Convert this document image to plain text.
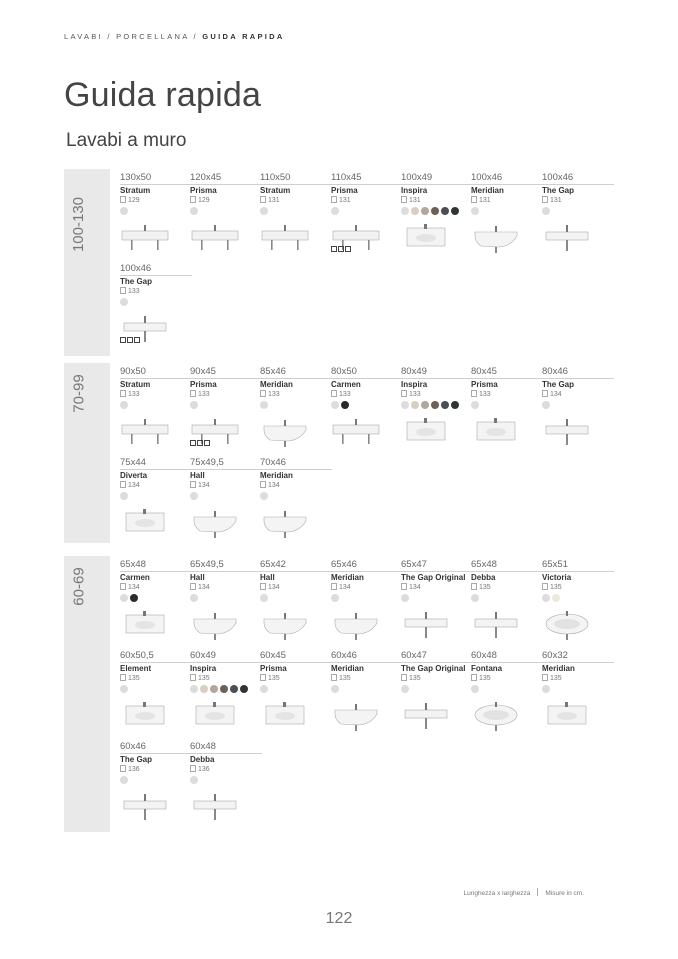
LAVABI / PORCELLANA / GUIDA RAPIDA
Guida rapida
Lavabi a muro
100-130
70-99
60-69
130x50
Stratum
129
120x45
Prisma
129
110x50
Stratum
131
110x45
Prisma
131
100x49
Inspira
131
100x46
Meridian
131
100x46
The Gap
131
100x46
The Gap
133
90x50
Stratum
133
90x45
Prisma
133
85x46
Meridian
133
80x50
Carmen
133
80x49
Inspira
133
80x45
Prisma
133
80x46
The Gap
134
75x44
Diverta
134
75x49,5
Hall
134
70x46
Meridian
134
65x48
Carmen
134
65x49,5
Hall
134
65x42
Hall
134
65x46
Meridian
134
65x47
The Gap Original
134
65x48
Debba
135
65x51
Victoria
135
60x50,5
Element
135
60x49
Inspira
135
60x45
Prisma
135
60x46
Meridian
135
60x47
The Gap Original
135
60x48
Fontana
135
60x32
Meridian
135
60x46
The Gap
136
60x48
Debba
136
Lunghezza x larghezza Misure in cm.
122
